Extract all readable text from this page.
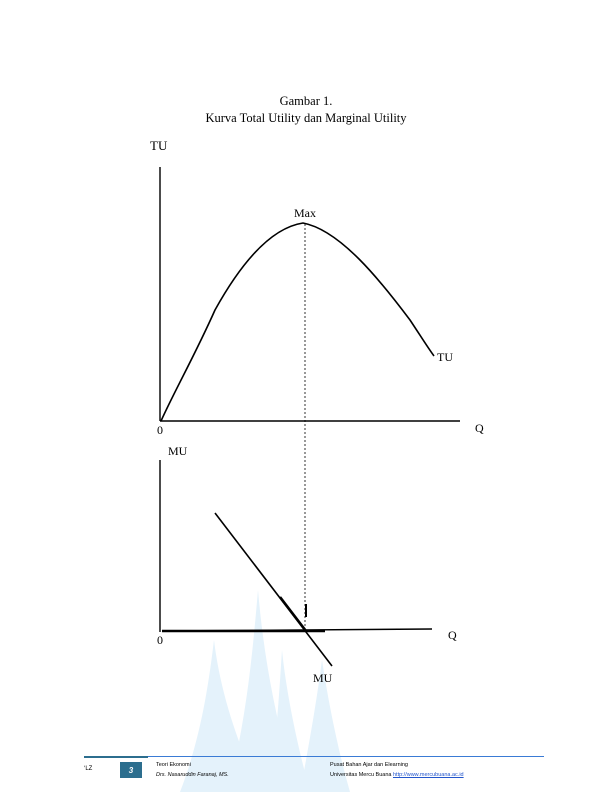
Gambar 1.
Kurva Total Utility dan Marginal Utility
TU
Max
TU
0	Q
MU
0	Q
MU
‘LZ	3
Teori Ekonomi
Drs. Nasaruddin Faranaj, MS.
Pusat Bahan Ajar dan Elearning
Universitas Mercu Buana http://www.mercubuana.ac.id
